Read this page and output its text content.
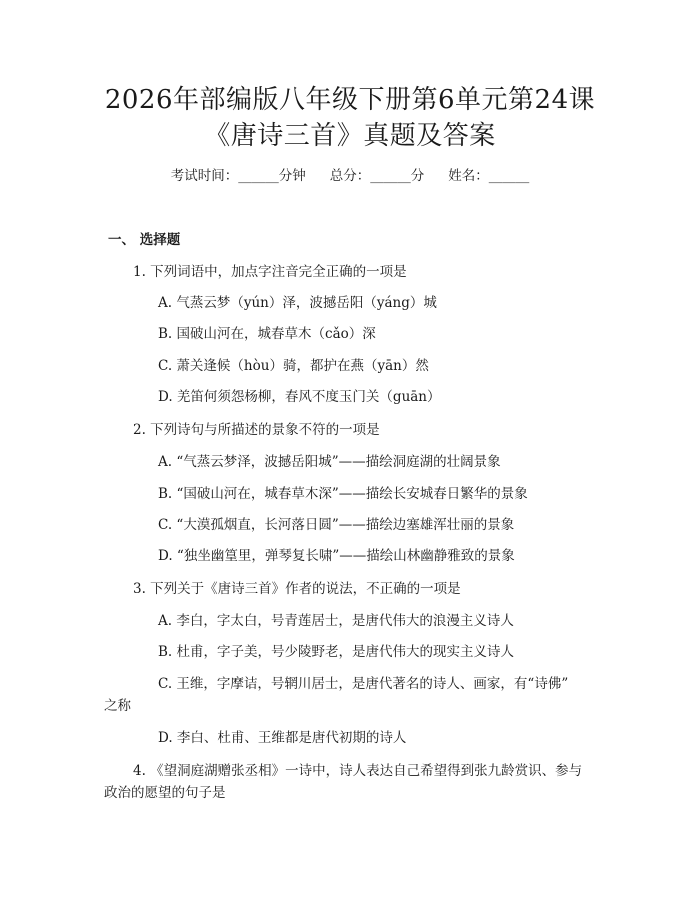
2026年部编版八年级下册第6单元第24课
《唐诗三首》真题及答案
考试时间：______分钟 总分：______分 姓名：______
一、 选择题
1. 下列词语中，加点字注音完全正确的一项是
A. 气蒸云梦（yún）泽，波撼岳阳（yáng）城
B. 国破山河在，城春草木（cǎo）深
C. 萧关逢候（hòu）骑，都护在燕（yān）然
D. 羌笛何须怨杨柳，春风不度玉门关（guān）
2. 下列诗句与所描述的景象不符的一项是
A. “气蒸云梦泽，波撼岳阳城”——描绘洞庭湖的壮阔景象
B. “国破山河在，城春草木深”——描绘长安城春日繁华的景象
C. “大漠孤烟直，长河落日圆”——描绘边塞雄浑壮丽的景象
D. “独坐幽篁里，弹琴复长啸”——描绘山林幽静雅致的景象
3. 下列关于《唐诗三首》作者的说法，不正确的一项是
A. 李白，字太白，号青莲居士，是唐代伟大的浪漫主义诗人
B. 杜甫，字子美，号少陵野老，是唐代伟大的现实主义诗人
C. 王维，字摩诘，号辋川居士，是唐代著名的诗人、画家，有“诗佛”
之称
D. 李白、杜甫、王维都是唐代初期的诗人
4. 《望洞庭湖赠张丞相》一诗中，诗人表达自己希望得到张九龄赏识、参与
政治的愿望的句子是
